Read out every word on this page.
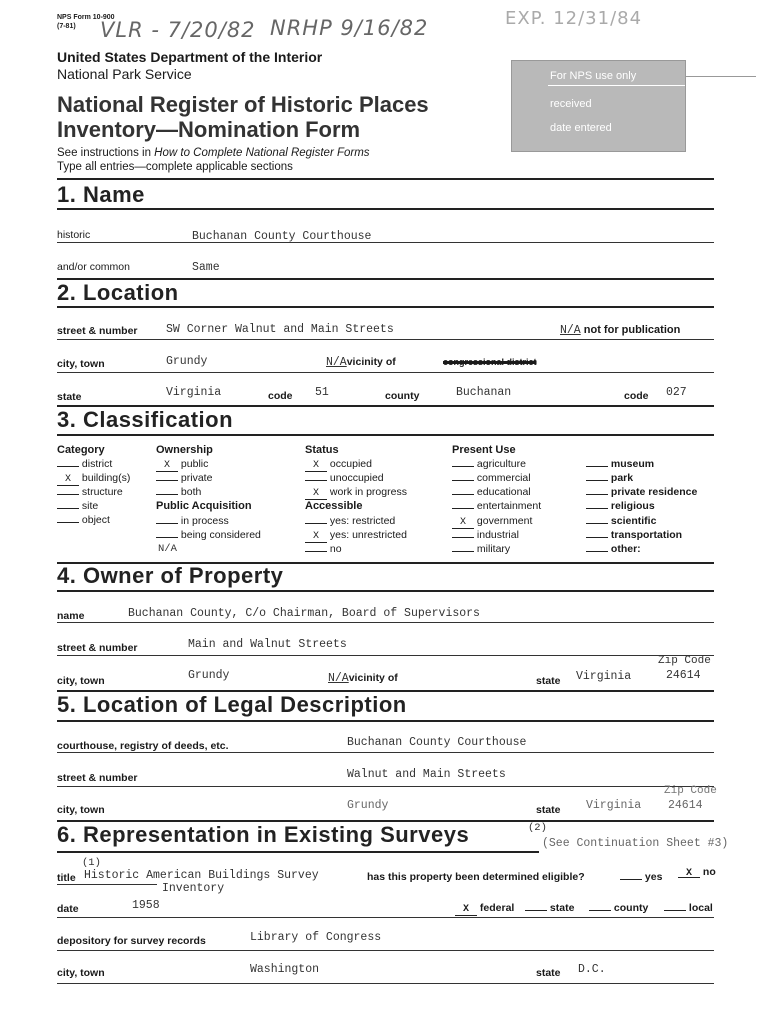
NPS Form 10-900
(7-81) VLR - 7/20/82 NRHP 9/16/82	EXP. 12/31/84
United States Department of the Interior
National Park Service
National Register of Historic Places
Inventory—Nomination Form
See instructions in How to Complete National Register Forms
Type all entries—complete applicable sections
For NPS use only
received
date entered
1. Name
historic	Buchanan County Courthouse
and/or common	Same
2. Location
street & number SW Corner Walnut and Main Streets	N/A not for publication
city, town	Grundy	N/Avicinity of	congressional district
state	Virginia	code 51	county	Buchanan	code 027
3. Classification
Category
district
X building(s)
structure
site
object
Ownership
X public
private
both
Public Acquisition
in process
being considered
N/A
Status
X occupied
unoccupied
X work in progress
Accessible
yes: restricted
X yes: unrestricted
no
Present Use
agriculture
commercial
educational
entertainment
X government
industrial
military
museum
park
private residence
religious
scientific
transportation
other:
4. Owner of Property
name	Buchanan County, C/o Chairman, Board of Supervisors
street & number	Main and Walnut Streets
city, town	Grundy	N/Avicinity of	state Virginia
Zip Code
24614
5. Location of Legal Description
courthouse, registry of deeds, etc.	Buchanan County Courthouse
street & number	Walnut and Main Streets
city, town	Grundy	state Virginia
Zip Code
24614
6. Representation in Existing Surveys	(2)
(See Continuation Sheet #3)
(1)
title Historic American Buildings Survey
Inventory
has this property been determined eligible?	yes	X no
date	1958	X federal	state	county	local
depository for survey records	Library of Congress
city, town	Washington	state D.C.
